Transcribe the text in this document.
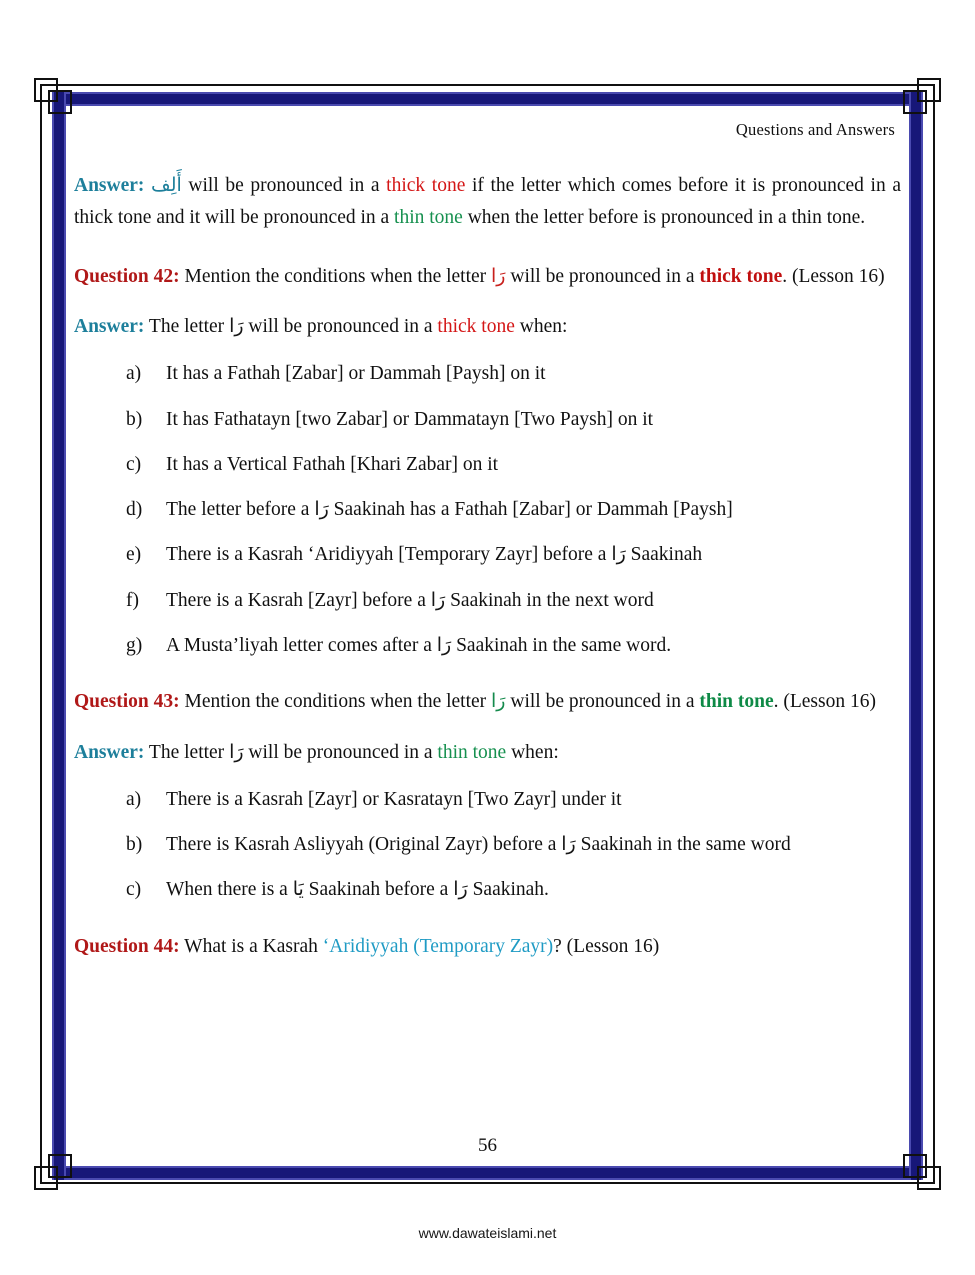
Questions and Answers

Answer: أَلِف will be pronounced in a thick tone if the letter which comes before it is pronounced in a thick tone and it will be pronounced in a thin tone when the letter before is pronounced in a thin tone.

Question 42: Mention the conditions when the letter رَا will be pronounced in a thick tone. (Lesson 16)

Answer: The letter رَا will be pronounced in a thick tone when:

a)	It has a Fathah [Zabar] or Dammah [Paysh] on it
b)	It has Fathatayn [two Zabar] or Dammatayn [Two Paysh] on it
c)	It has a Vertical Fathah [Khari Zabar] on it
d)	The letter before a رَا Saakinah has a Fathah [Zabar] or Dammah [Paysh]
e)	There is a Kasrah ‘Aridiyyah [Temporary Zayr] before a رَا Saakinah
f)	There is a Kasrah [Zayr] before a رَا Saakinah in the next word
g)	A Musta’liyah letter comes after a رَا Saakinah in the same word.

Question 43: Mention the conditions when the letter رَا will be pronounced in a thin tone. (Lesson 16)

Answer: The letter رَا will be pronounced in a thin tone when:

a)	There is a Kasrah [Zayr] or Kasratayn [Two Zayr] under it
b)	There is Kasrah Asliyyah (Original Zayr) before a رَا Saakinah in the same word
c)	When there is a يَا Saakinah before a رَا Saakinah.

Question 44: What is a Kasrah ‘Aridiyyah (Temporary Zayr)? (Lesson 16)

56
www.dawateislami.net
